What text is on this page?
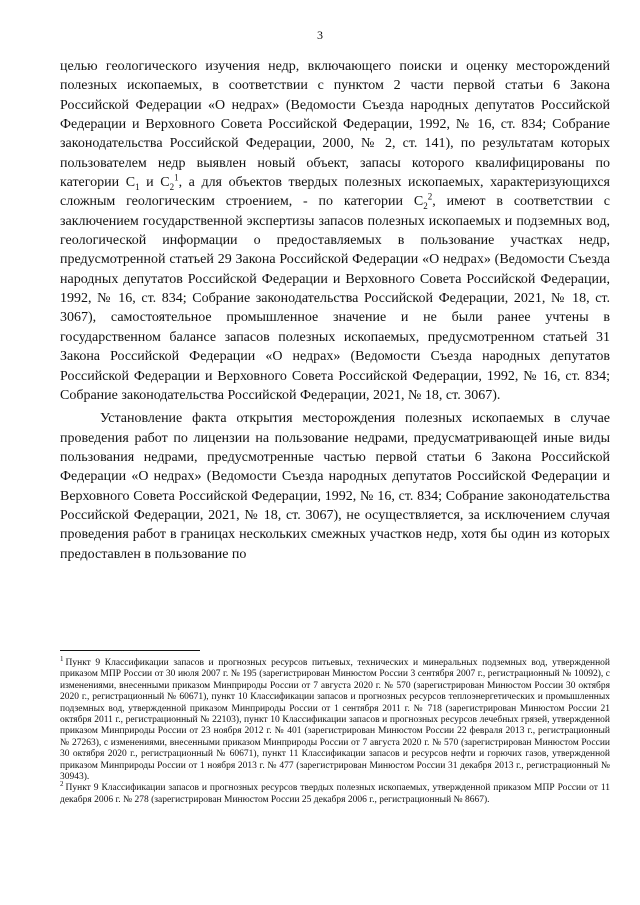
3

целью геологического изучения недр, включающего поиски и оценку месторождений полезных ископаемых, в соответствии с пунктом 2 части первой статьи 6 Закона Российской Федерации «О недрах» (Ведомости Съезда народных депутатов Российской Федерации и Верховного Совета Российской Федерации, 1992, № 16, ст. 834; Собрание законодательства Российской Федерации, 2000, № 2, ст. 141), по результатам которых пользователем недр выявлен новый объект, запасы которого квалифицированы по категории $C_1$ и $C_2^1$, а для объектов твердых полезных ископаемых, характеризующихся сложным геологическим строением, - по категории $C_2^2$, имеют в соответствии с заключением государственной экспертизы запасов полезных ископаемых и подземных вод, геологической информации о предоставляемых в пользование участках недр, предусмотренной статьей 29 Закона Российской Федерации «О недрах» (Ведомости Съезда народных депутатов Российской Федерации и Верховного Совета Российской Федерации, 1992, № 16, ст. 834; Собрание законодательства Российской Федерации, 2021, № 18, ст. 3067), самостоятельное промышленное значение и не были ранее учтены в государственном балансе запасов полезных ископаемых, предусмотренном статьей 31 Закона Российской Федерации «О недрах» (Ведомости Съезда народных депутатов Российской Федерации и Верховного Совета Российской Федерации, 1992, № 16, ст. 834; Собрание законодательства Российской Федерации, 2021, № 18, ст. 3067).

Установление факта открытия месторождения полезных ископаемых в случае проведения работ по лицензии на пользование недрами, предусматривающей иные виды пользования недрами, предусмотренные частью первой статьи 6 Закона Российской Федерации «О недрах» (Ведомости Съезда народных депутатов Российской Федерации и Верховного Совета Российской Федерации, 1992, № 16, ст. 834; Собрание законодательства Российской Федерации, 2021, № 18, ст. 3067), не осуществляется, за исключением случая проведения работ в границах нескольких смежных участков недр, хотя бы один из которых предоставлен в пользование по

$^1$ Пункт 9 Классификации запасов и прогнозных ресурсов питьевых, технических и минеральных подземных вод, утвержденной приказом МПР России от 30 июля 2007 г. № 195 (зарегистрирован Минюстом России 3 сентября 2007 г., регистрационный № 10092), с изменениями, внесенными приказом Минприроды России от 7 августа 2020 г. № 570 (зарегистрирован Минюстом России 30 октября 2020 г., регистрационный № 60671), пункт 10 Классификации запасов и прогнозных ресурсов теплоэнергетических и промышленных подземных вод, утвержденной приказом Минприроды России от 1 сентября 2011 г. № 718 (зарегистрирован Минюстом России 21 октября 2011 г., регистрационный № 22103), пункт 10 Классификации запасов и прогнозных ресурсов лечебных грязей, утвержденной приказом Минприроды России от 23 ноября 2012 г. № 401 (зарегистрирован Минюстом России 22 февраля 2013 г., регистрационный № 27263), с изменениями, внесенными приказом Минприроды России от 7 августа 2020 г. № 570 (зарегистрирован Минюстом России 30 октября 2020 г., регистрационный № 60671), пункт 11 Классификации запасов и ресурсов нефти и горючих газов, утвержденной приказом Минприроды России от 1 ноября 2013 г. № 477 (зарегистрирован Минюстом России 31 декабря 2013 г., регистрационный № 30943).

$^2$ Пункт 9 Классификации запасов и прогнозных ресурсов твердых полезных ископаемых, утвержденной приказом МПР России от 11 декабря 2006 г. № 278 (зарегистрирован Минюстом России 25 декабря 2006 г., регистрационный № 8667).
